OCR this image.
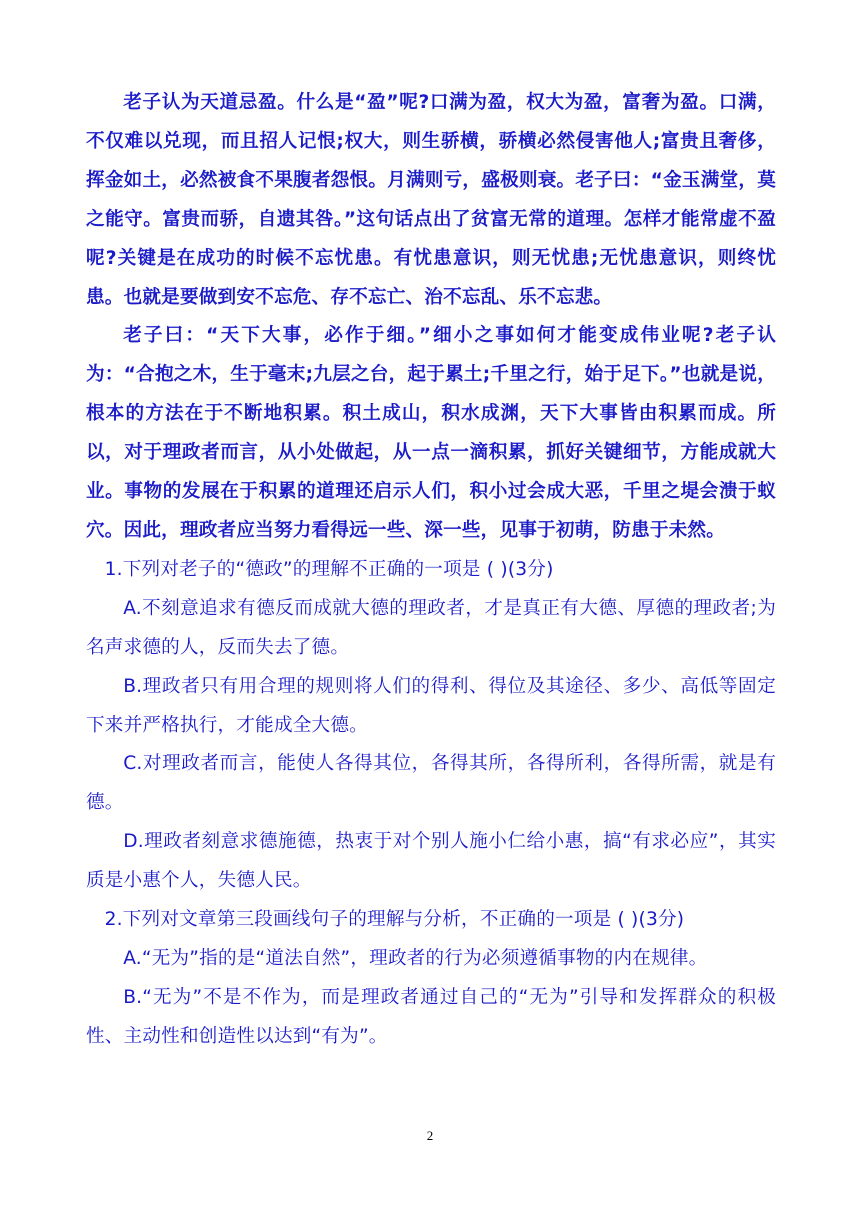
老子认为天道忌盈。什么是“盈”呢?口满为盈，权大为盈，富奢为盈。口满，不仅难以兑现，而且招人记恨;权大，则生骄横，骄横必然侵害他人;富贵且奢侈，挥金如土，必然被食不果腹者怨恨。月满则亏，盛极则衰。老子曰：“金玉满堂，莫之能守。富贵而骄，自遗其咎。”这句话点出了贫富无常的道理。怎样才能常虚不盈呢?关键是在成功的时候不忘忧患。有忧患意识，则无忧患;无忧患意识，则终忧患。也就是要做到安不忘危、存不忘亡、治不忘乱、乐不忘悲。

老子曰：“天下大事，必作于细。”细小之事如何才能变成伟业呢?老子认为：“合抱之木，生于毫末;九层之台，起于累土;千里之行，始于足下。”也就是说，根本的方法在于不断地积累。积土成山，积水成渊，天下大事皆由积累而成。所以，对于理政者而言，从小处做起，从一点一滴积累，抓好关键细节，方能成就大业。事物的发展在于积累的道理还启示人们，积小过会成大恶，千里之堤会溃于蚁穴。因此，理政者应当努力看得远一些、深一些，见事于初萌，防患于未然。

1.下列对老子的“德政”的理解不正确的一项是 ( )(3分)

A.不刻意追求有德反而成就大德的理政者，才是真正有大德、厚德的理政者;为名声求德的人，反而失去了德。

B.理政者只有用合理的规则将人们的得利、得位及其途径、多少、高低等固定下来并严格执行，才能成全大德。

C.对理政者而言，能使人各得其位，各得其所，各得所利，各得所需，就是有德。

D.理政者刻意求德施德，热衷于对个别人施小仁给小惠，搞“有求必应”，其实质是小惠个人，失德人民。

2.下列对文章第三段画线句子的理解与分析，不正确的一项是 ( )(3分)

A.“无为”指的是“道法自然”，理政者的行为必须遵循事物的内在规律。

B.“无为”不是不作为，而是理政者通过自己的“无为”引导和发挥群众的积极性、主动性和创造性以达到“有为”。

2
